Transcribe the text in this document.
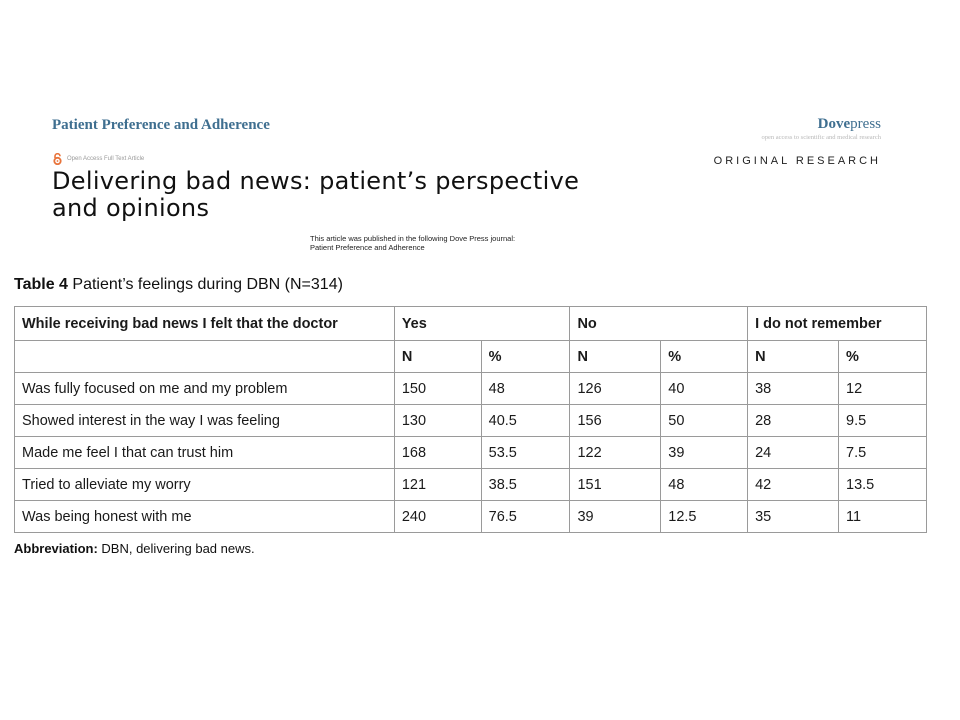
Patient Preference and Adherence	Dovepress
open access to scientific and medical research
Open Access Full Text Article	ORIGINAL RESEARCH
Delivering bad news: patient’s perspective
and opinions
This article was published in the following Dove Press journal:
Patient Preference and Adherence
Table 4 Patient’s feelings during DBN (N=314)
While receiving bad news I felt that the doctor	Yes		No		I do not remember	
	N	%	N	%	N	%
Was fully focused on me and my problem	150	48	126	40	38	12
Showed interest in the way I was feeling	130	40.5	156	50	28	9.5
Made me feel I that can trust him	168	53.5	122	39	24	7.5
Tried to alleviate my worry	121	38.5	151	48	42	13.5
Was being honest with me	240	76.5	39	12.5	35	11
Abbreviation: DBN, delivering bad news.
